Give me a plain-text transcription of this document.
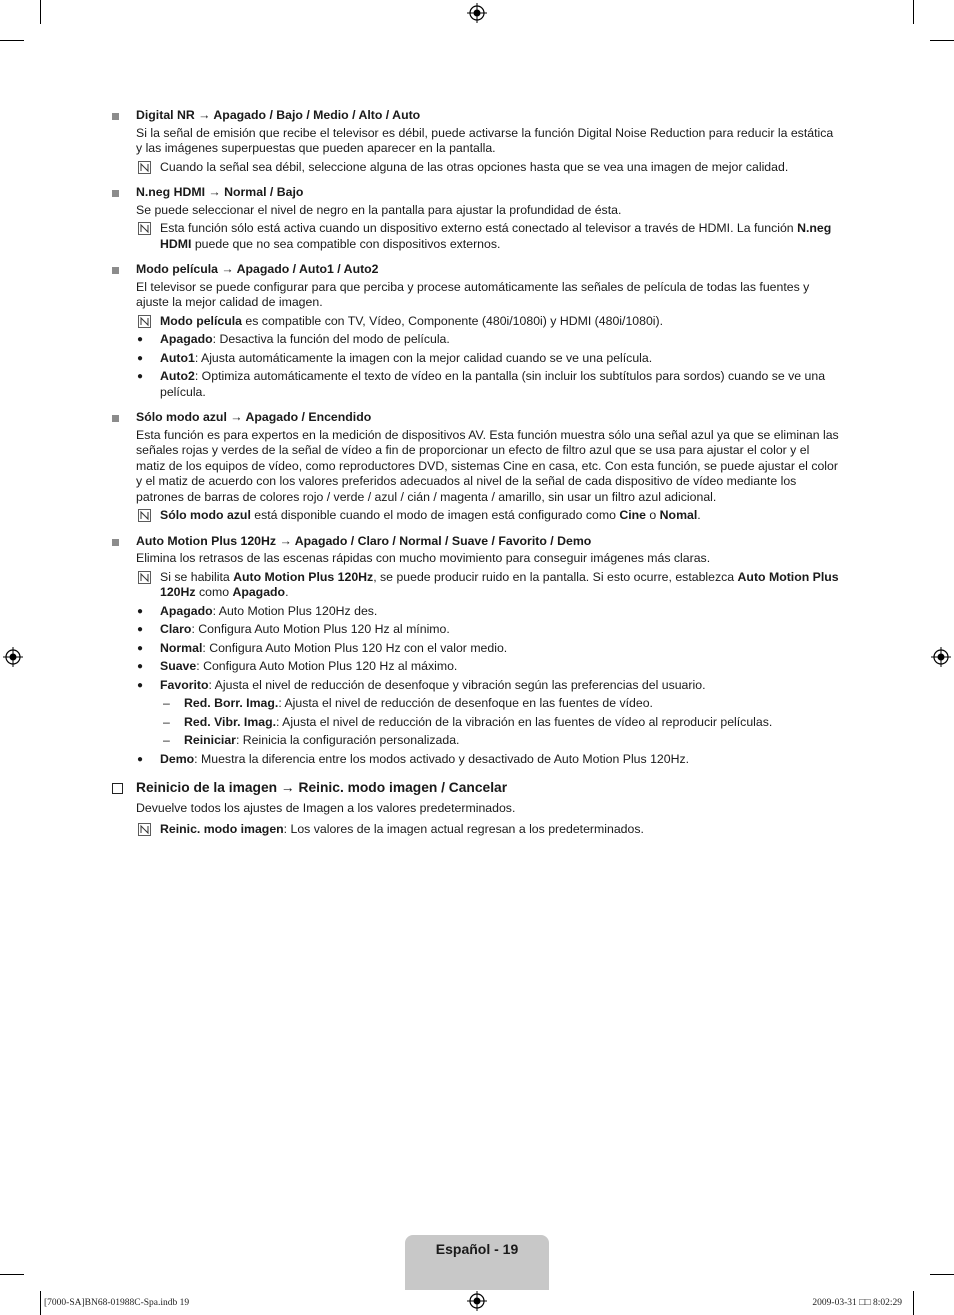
Digital NR → Apagado / Bajo / Medio / Alto / Auto
Si la señal de emisión que recibe el televisor es débil, puede activarse la función Digital Noise Reduction para reducir la estática y las imágenes superpuestas que pueden aparecer en la pantalla.
Cuando la señal sea débil, seleccione alguna de las otras opciones hasta que se vea una imagen de mejor calidad.
N.neg HDMI → Normal / Bajo
Se puede seleccionar el nivel de negro en la pantalla para ajustar la profundidad de ésta.
Esta función sólo está activa cuando un dispositivo externo está conectado al televisor a través de HDMI. La función N.neg HDMI puede que no sea compatible con dispositivos externos.
Modo película → Apagado / Auto1 / Auto2
El televisor se puede configurar para que perciba y procese automáticamente las señales de película de todas las fuentes y ajuste la mejor calidad de imagen.
Modo película es compatible con TV, Vídeo, Componente (480i/1080i) y HDMI (480i/1080i).
● Apagado: Desactiva la función del modo de película.
● Auto1: Ajusta automáticamente la imagen con la mejor calidad cuando se ve una película.
● Auto2: Optimiza automáticamente el texto de vídeo en la pantalla (sin incluir los subtítulos para sordos) cuando se ve una película.
Sólo modo azul → Apagado / Encendido
Esta función es para expertos en la medición de dispositivos AV. Esta función muestra sólo una señal azul ya que se eliminan las señales rojas y verdes de la señal de vídeo a fin de proporcionar un efecto de filtro azul que se usa para ajustar el color y el matiz de los equipos de vídeo, como reproductores DVD, sistemas Cine en casa, etc. Con esta función, se puede ajustar el color y el matiz de acuerdo con los valores preferidos adecuados al nivel de la señal de cada dispositivo de vídeo mediante los patrones de barras de colores rojo / verde / azul / cián / magenta / amarillo, sin usar un filtro azul adicional.
Sólo modo azul está disponible cuando el modo de imagen está configurado como Cine o Nomal.
Auto Motion Plus 120Hz → Apagado / Claro / Normal / Suave / Favorito / Demo
Elimina los retrasos de las escenas rápidas con mucho movimiento para conseguir imágenes más claras.
Si se habilita Auto Motion Plus 120Hz, se puede producir ruido en la pantalla. Si esto ocurre, establezca Auto Motion Plus 120Hz como Apagado.
● Apagado: Auto Motion Plus 120Hz des.
● Claro: Configura Auto Motion Plus 120 Hz al mínimo.
● Normal: Configura Auto Motion Plus 120 Hz con el valor medio.
● Suave: Configura Auto Motion Plus 120 Hz al máximo.
● Favorito: Ajusta el nivel de reducción de desenfoque y vibración según las preferencias del usuario.
– Red. Borr. Imag.: Ajusta el nivel de reducción de desenfoque en las fuentes de vídeo.
– Red. Vibr. Imag.: Ajusta el nivel de reducción de la vibración en las fuentes de vídeo al reproducir películas.
– Reiniciar: Reinicia la configuración personalizada.
● Demo: Muestra la diferencia entre los modos activado y desactivado de Auto Motion Plus 120Hz.
Reinicio de la imagen → Reinic. modo imagen / Cancelar
Devuelve todos los ajustes de Imagen a los valores predeterminados.
Reinic. modo imagen: Los valores de la imagen actual regresan a los predeterminados.
Español - 19
[7000-SA]BN68-01988C-Spa.indb 19	2009-03-31 □□ 8:02:29
